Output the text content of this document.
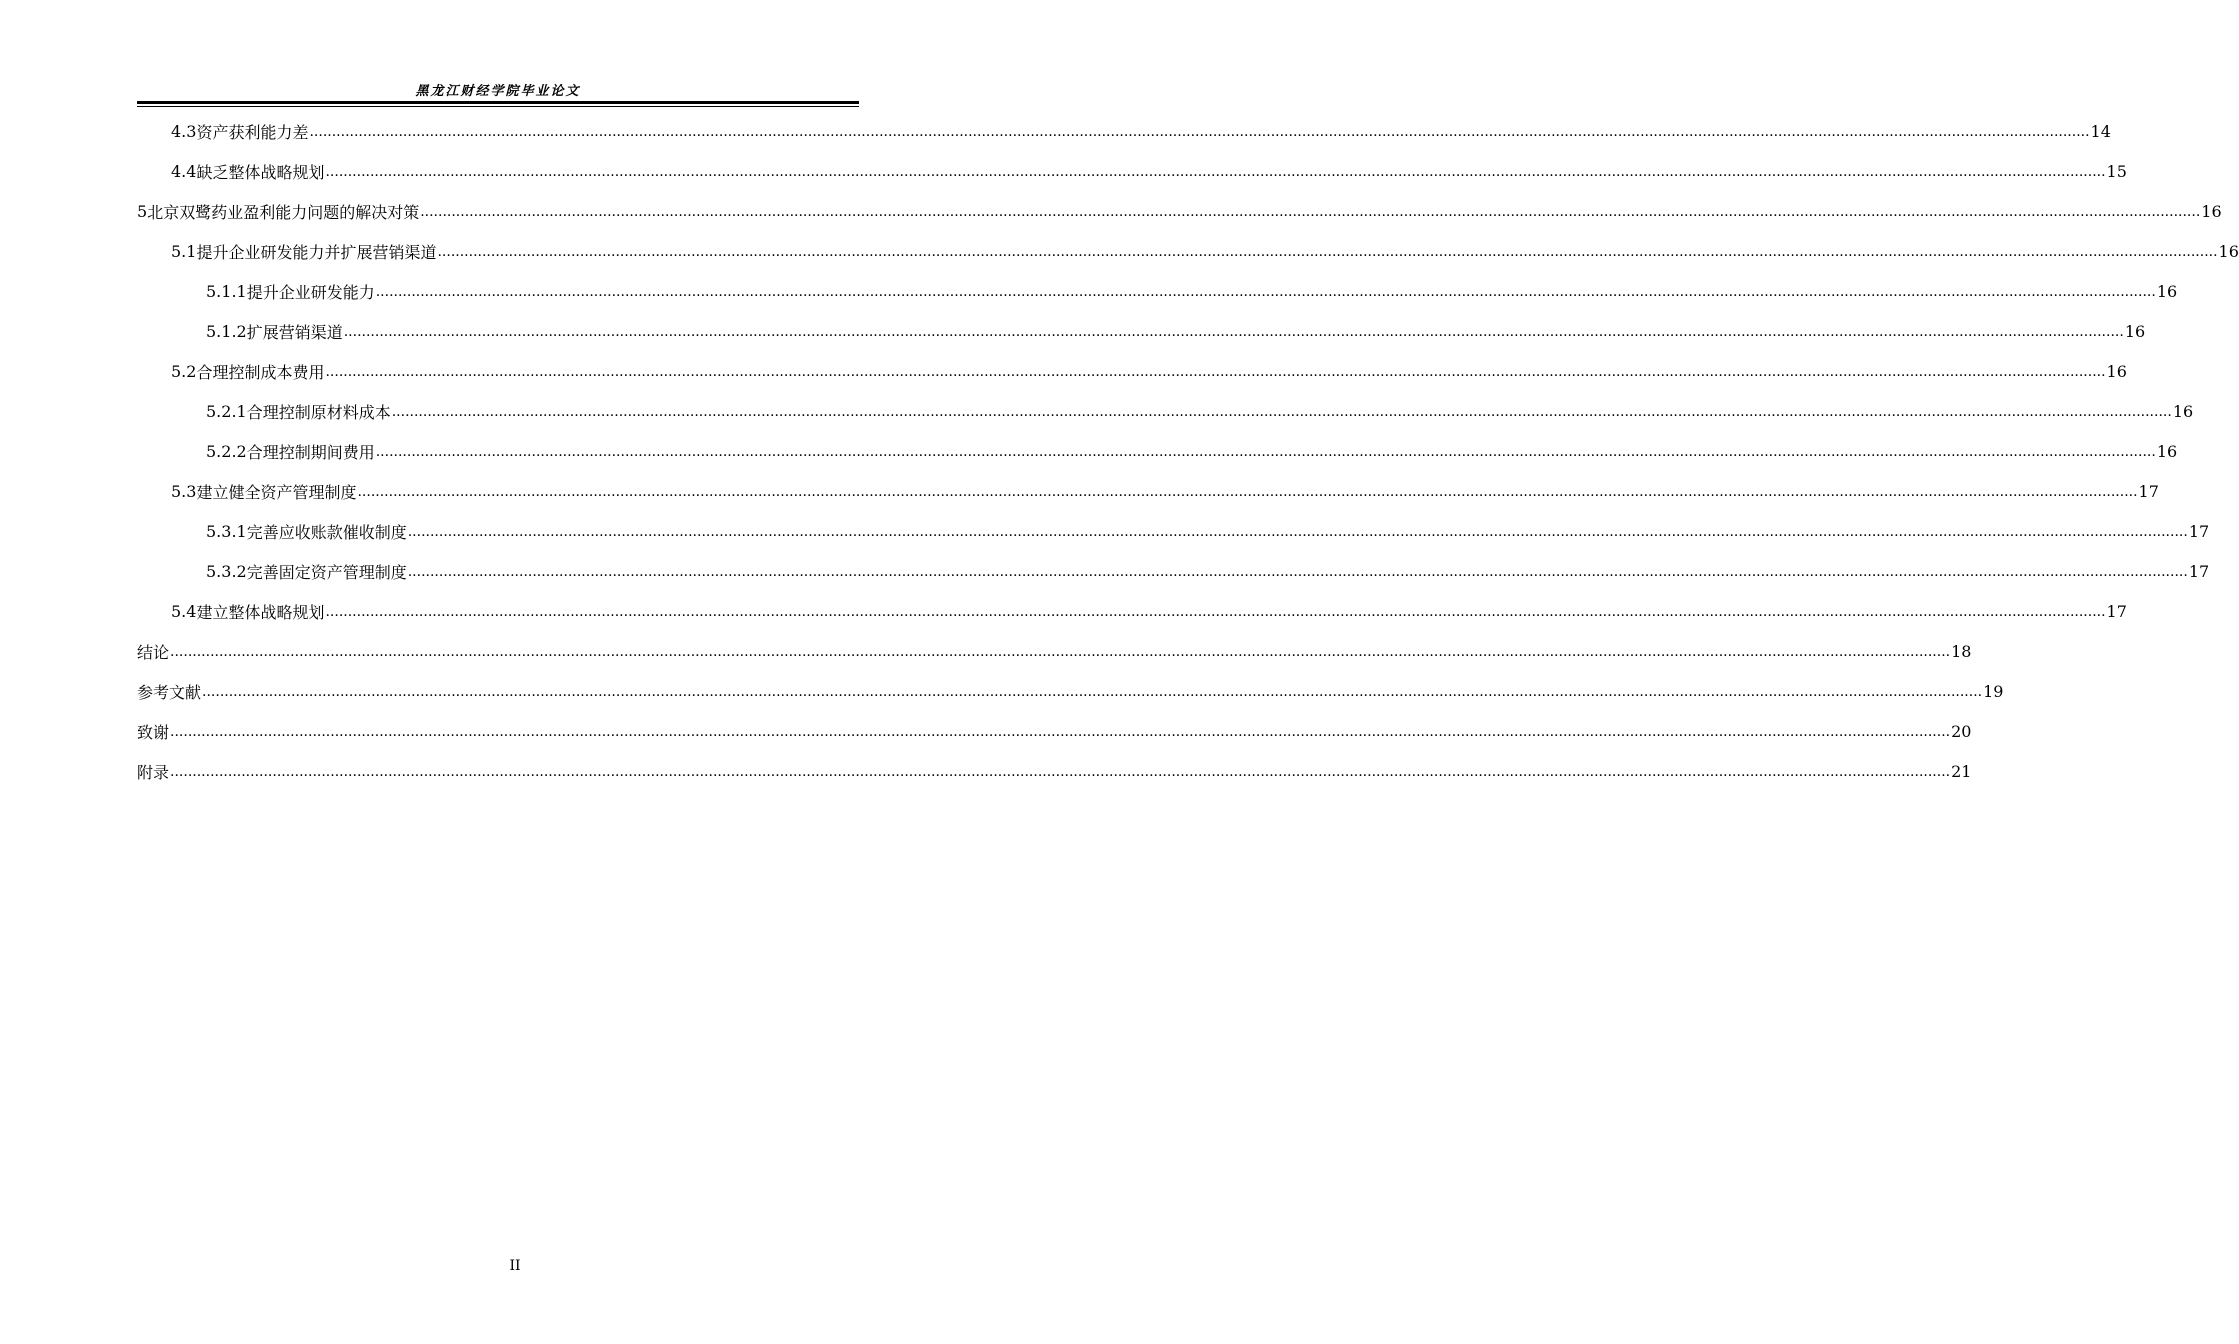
黑龙江财经学院毕业论文
4.3 资产获利能力差 ................................................................................................................................................................................................................................................................................................................................................................................................................ 14
4.4 缺乏整体战略规划 ................................................................................................................................................................................................................................................................................................................................................................................................................ 15
5 北京双鹭药业盈利能力问题的解决对策 ................................................................................................................................................................................................................................................................................................................................................................................................................ 16
5.1 提升企业研发能力并扩展营销渠道 ................................................................................................................................................................................................................................................................................................................................................................................................................ 16
5.1.1 提升企业研发能力 ................................................................................................................................................................................................................................................................................................................................................................................................................ 16
5.1.2 扩展营销渠道 ................................................................................................................................................................................................................................................................................................................................................................................................................ 16
5.2 合理控制成本费用 ................................................................................................................................................................................................................................................................................................................................................................................................................ 16
5.2.1 合理控制原材料成本 ................................................................................................................................................................................................................................................................................................................................................................................................................ 16
5.2.2 合理控制期间费用 ................................................................................................................................................................................................................................................................................................................................................................................................................ 16
5.3 建立健全资产管理制度 ................................................................................................................................................................................................................................................................................................................................................................................................................ 17
5.3.1 完善应收账款催收制度 ................................................................................................................................................................................................................................................................................................................................................................................................................ 17
5.3.2 完善固定资产管理制度 ................................................................................................................................................................................................................................................................................................................................................................................................................ 17
5.4 建立整体战略规划 ................................................................................................................................................................................................................................................................................................................................................................................................................ 17
结 论 ................................................................................................................................................................................................................................................................................................................................................................................................................ 18
参考文献 ................................................................................................................................................................................................................................................................................................................................................................................................................ 19
致 谢 ................................................................................................................................................................................................................................................................................................................................................................................................................ 20
附 录 ................................................................................................................................................................................................................................................................................................................................................................................................................ 21
II
